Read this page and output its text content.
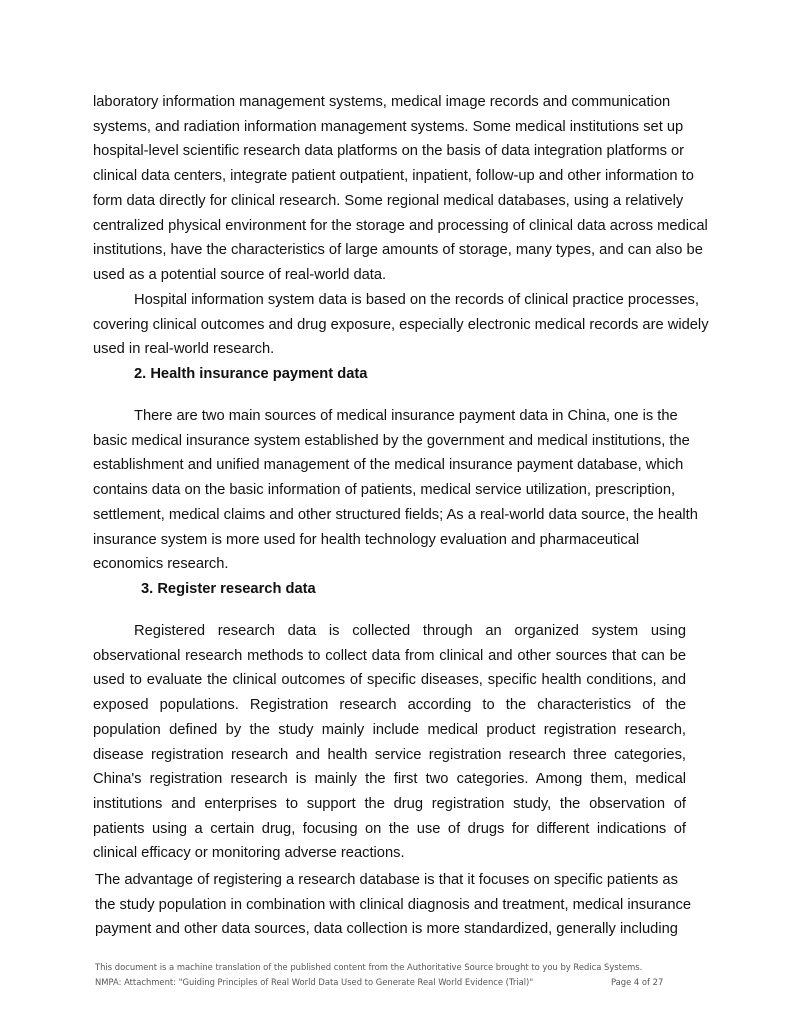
laboratory information management systems, medical image records and communication systems, and radiation information management systems. Some medical institutions set up hospital-level scientific research data platforms on the basis of data integration platforms or clinical data centers, integrate patient outpatient, inpatient, follow-up and other information to form data directly for clinical research. Some regional medical databases, using a relatively centralized physical environment for the storage and processing of clinical data across medical institutions, have the characteristics of large amounts of storage, many types, and can also be used as a potential source of real-world data.

Hospital information system data is based on the records of clinical practice processes, covering clinical outcomes and drug exposure, especially electronic medical records are widely used in real-world research.

2. Health insurance payment data

There are two main sources of medical insurance payment data in China, one is the basic medical insurance system established by the government and medical institutions, the establishment and unified management of the medical insurance payment database, which contains data on the basic information of patients, medical service utilization, prescription, settlement, medical claims and other structured fields; As a real-world data source, the health insurance system is more used for health technology evaluation and pharmaceutical economics research.

3. Register research data

Registered research data is collected through an organized system using observational research methods to collect data from clinical and other sources that can be used to evaluate the clinical outcomes of specific diseases, specific health conditions, and exposed populations. Registration research according to the characteristics of the population defined by the study mainly include medical product registration research, disease registration research and health service registration research three categories, China's registration research is mainly the first two categories. Among them, medical institutions and enterprises to support the drug registration study, the observation of patients using a certain drug, focusing on the use of drugs for different indications of clinical efficacy or monitoring adverse reactions.

The advantage of registering a research database is that it focuses on specific patients as the study population in combination with clinical diagnosis and treatment, medical insurance payment and other data sources, data collection is more standardized, generally including

This document is a machine translation of the published content from the Authoritative Source brought to you by Redica Systems.
NMPA: Attachment: "Guiding Principles of Real World Data Used to Generate Real World Evidence (Trial)"	Page 4 of 27
